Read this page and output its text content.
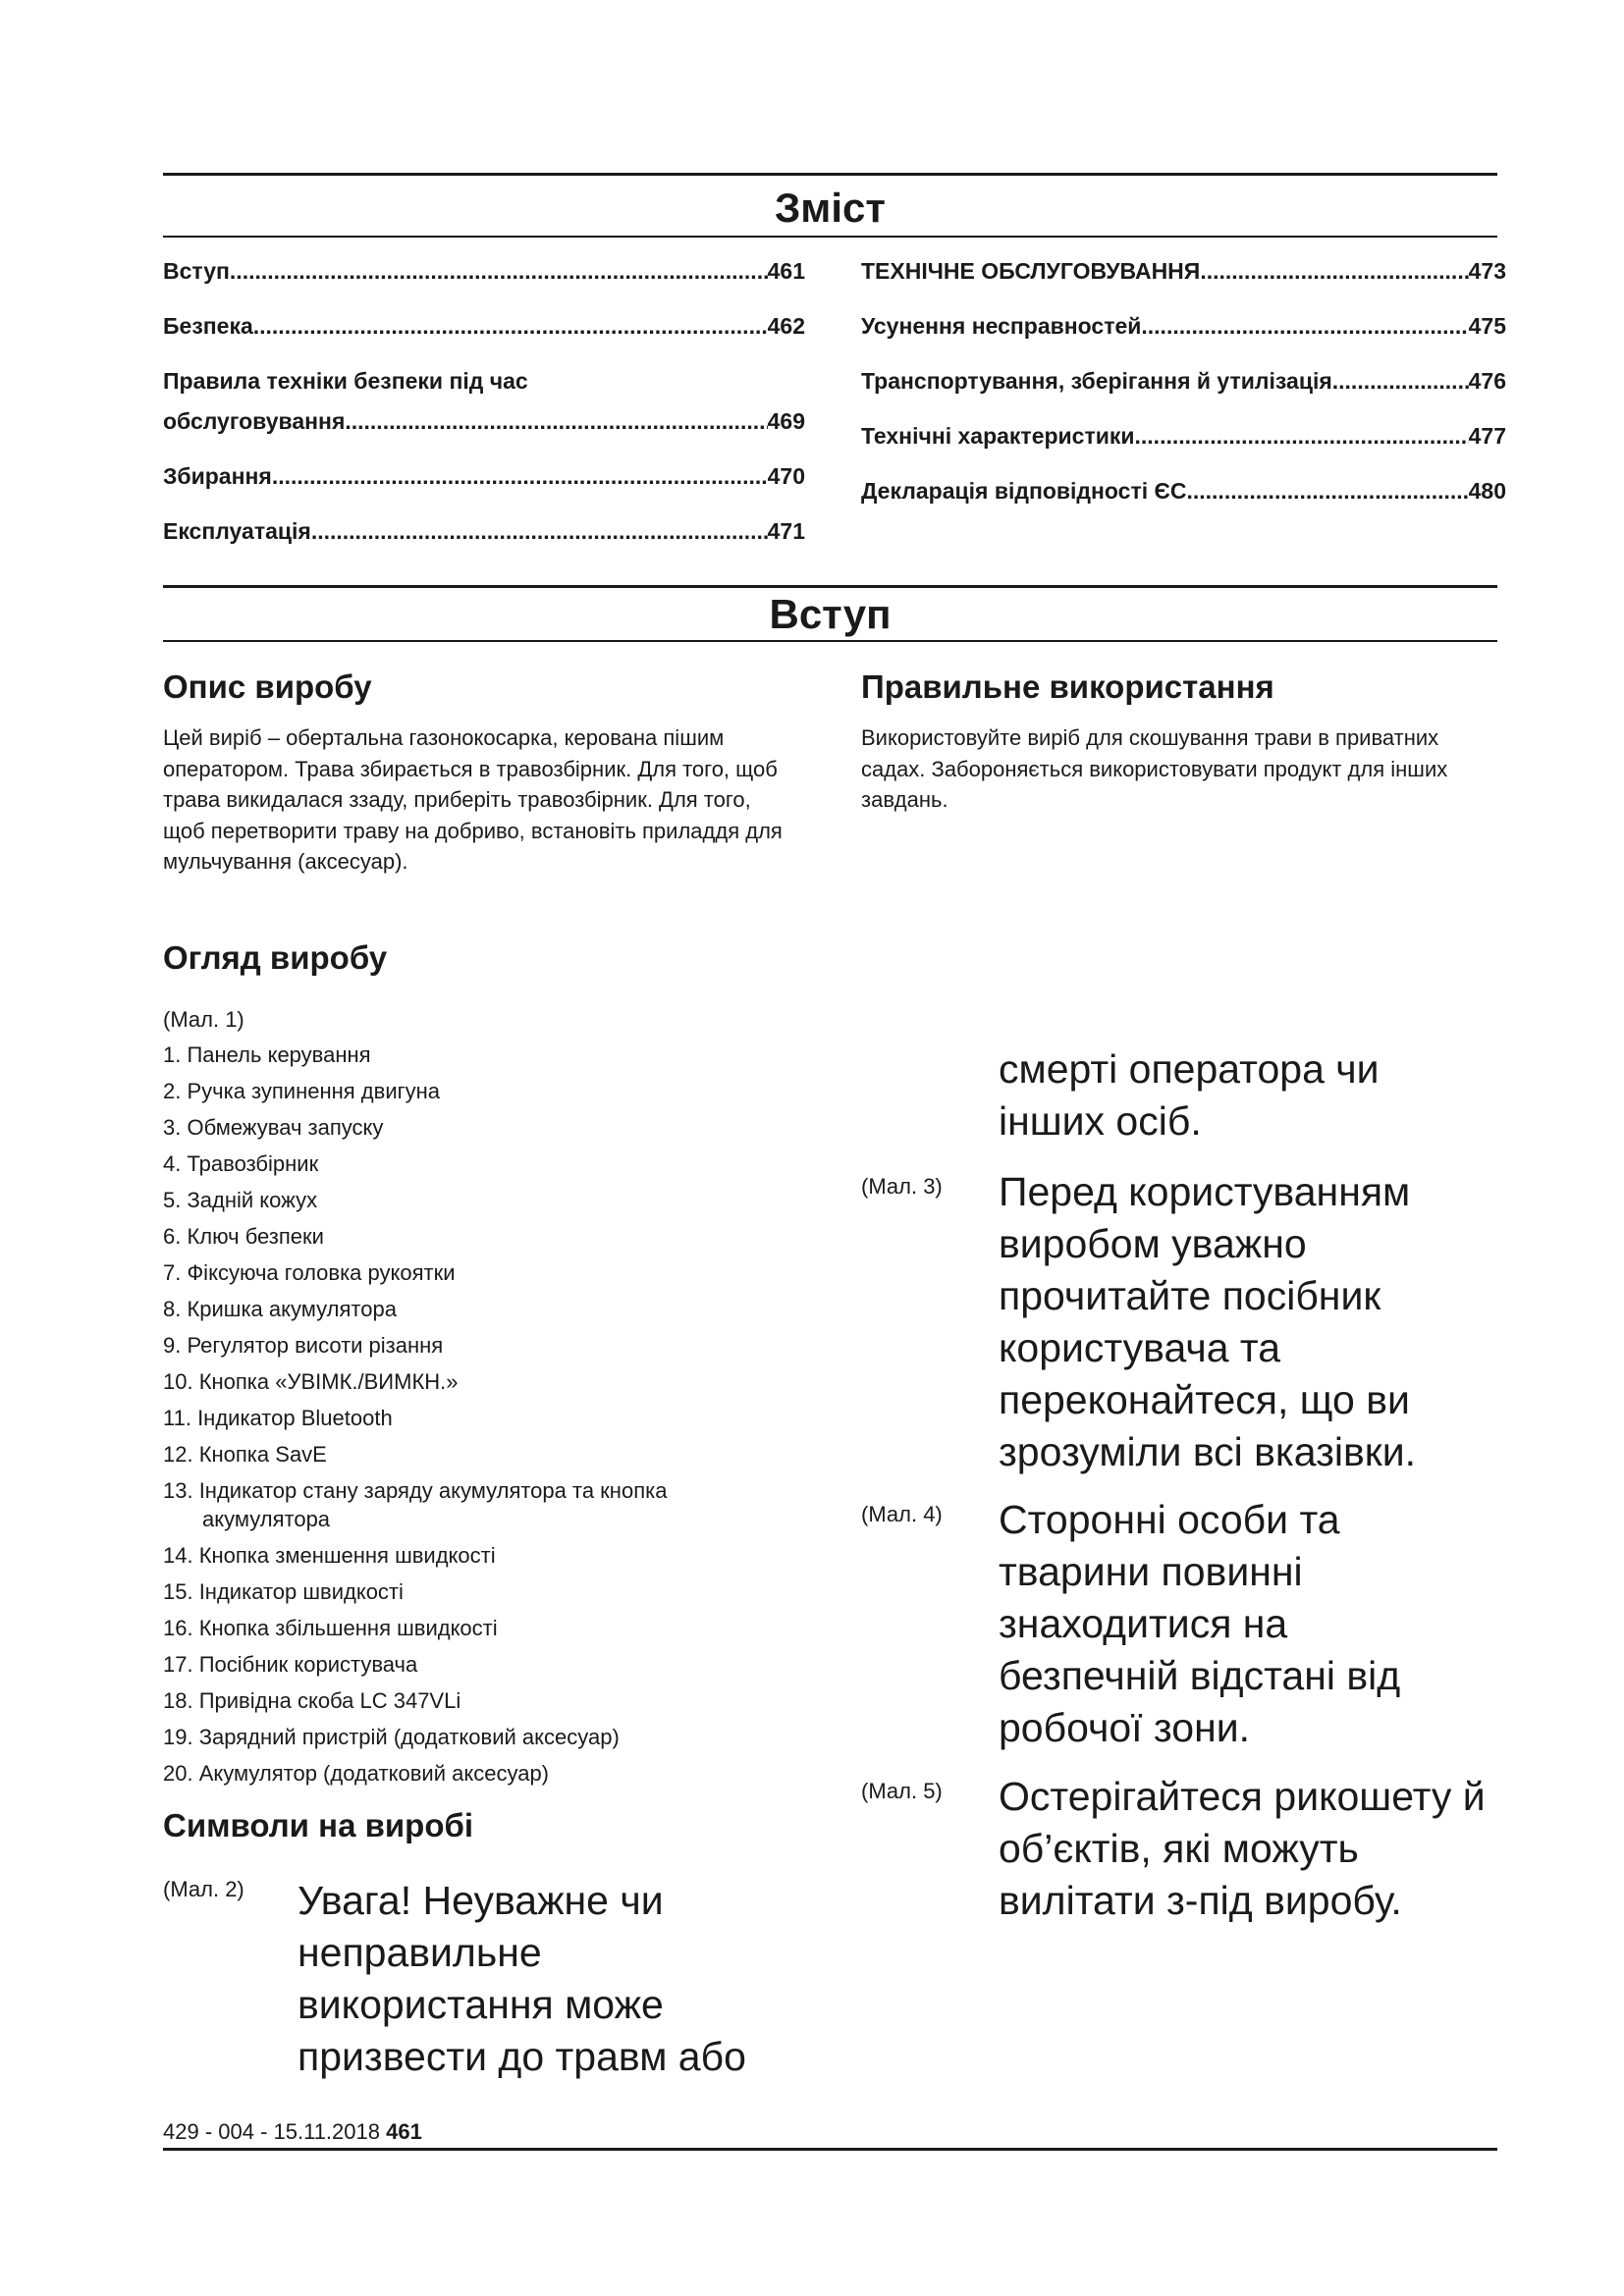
Зміст
Вступ .....	461
Безпека .....	462
Правила техніки безпеки під час
обслуговування .....	469
Збирання .....	470
Експлуатація .....	471
ТЕХНІЧНЕ ОБСЛУГОВУВАННЯ .....	473
Усунення несправностей .....	475
Транспортування, зберігання й утилізація .....	476
Технічні характеристики .....	477
Декларація відповідності ЄС .....	480
Вступ
Опис виробу

Цей виріб – обертальна газонокосарка, керована пішим оператором. Трава збирається в травозбірник. Для того, щоб трава викидалася ззаду, приберіть травозбірник. Для того, щоб перетворити траву на добриво, встановіть приладдя для мульчування (аксесуар).

Правильне використання

Використовуйте виріб для скошування трави в приватних садах. Забороняється використовувати продукт для інших завдань.

Огляд виробу

(Мал. 1)

1. Панель керування
2. Ручка зупинення двигуна
3. Обмежувач запуску
4. Травозбірник
5. Задній кожух
6. Ключ безпеки
7. Фіксуюча головка рукоятки
8. Кришка акумулятора
9. Регулятор висоти різання
10. Кнопка «УВІМК./ВИМКН.»
11. Індикатор Bluetooth
12. Кнопка SavE
13. Індикатор стану заряду акумулятора та кнопка
акумулятора
14. Кнопка зменшення швидкості
15. Індикатор швидкості
16. Кнопка збільшення швидкості
17. Посібник користувача
18. Привідна скоба LC 347VLi
19. Зарядний пристрій (додатковий аксесуар)
20. Акумулятор (додатковий аксесуар)
Символи на виробі

(Мал. 2) Увага! Неуважне чи неправильне використання може призвести до травм або

смерті оператора чи інших осіб.

(Мал. 3) Перед користуванням виробом уважно прочитайте посібник користувача та переконайтеся, що ви зрозуміли всі вказівки.

(Мал. 4) Сторонні особи та тварини повинні знаходитися на безпечній відстані від робочої зони.

(Мал. 5) Остерігайтеся рикошету й об’єктів, які можуть вилітати з-під виробу.

429 - 004 - 15.11.2018 461
